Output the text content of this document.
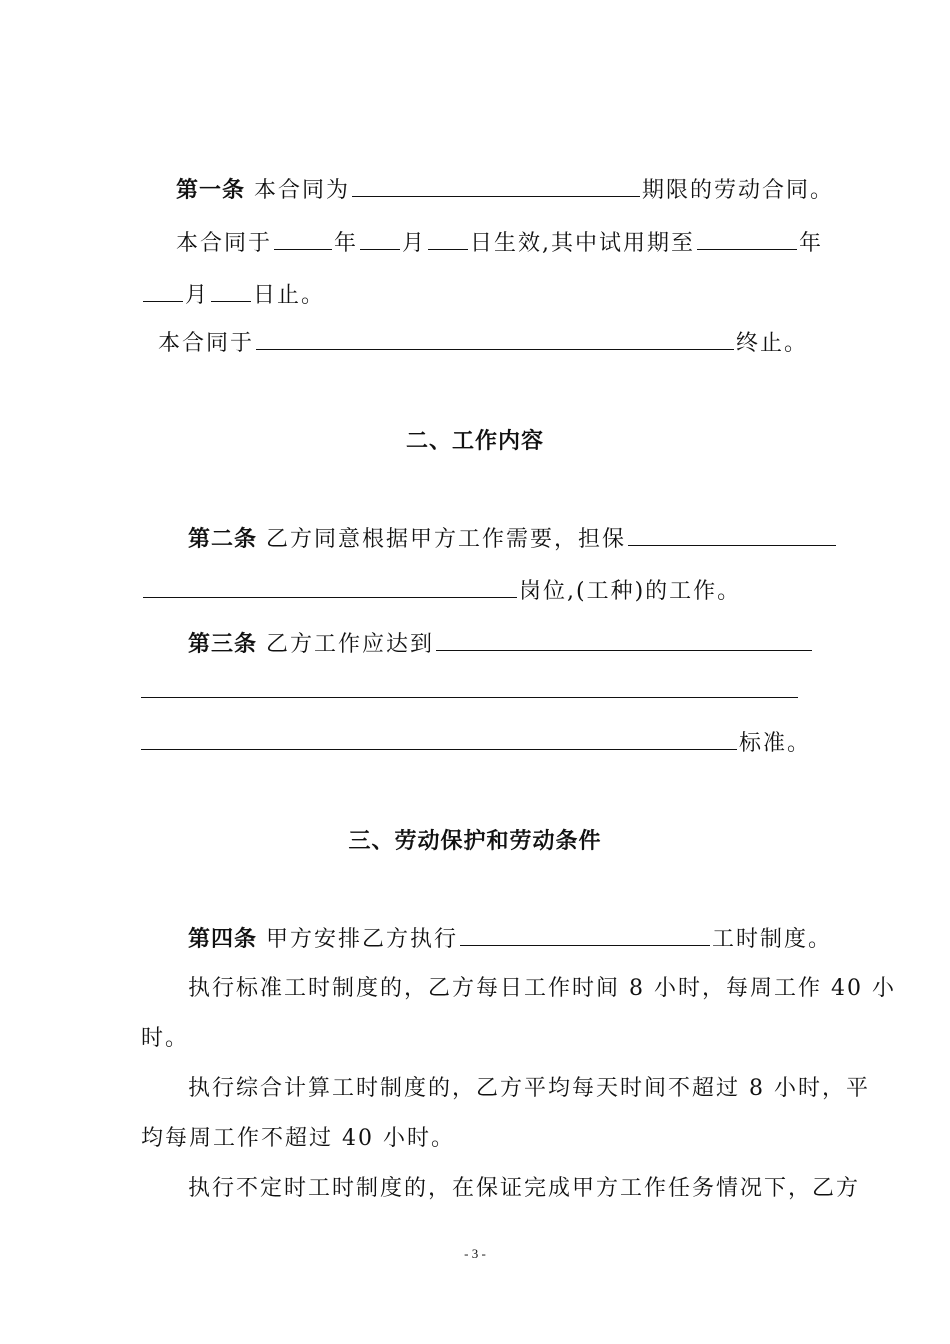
第一条 本合同为	期限的劳动合同。
本合同于	年 月 日生效,其中试用期至	年
月 日止。
本合同于	终止。
二、工作内容
第二条 乙方同意根据甲方工作需要，担保
岗位,(工种)的工作。
第三条 乙方工作应达到
标准。
三、劳动保护和劳动条件
第四条 甲方安排乙方执行	工时制度。
执行标准工时制度的，乙方每日工作时间 8 小时，每周工作 40 小
时。
执行综合计算工时制度的，乙方平均每天时间不超过 8 小时，平
均每周工作不超过 40 小时。
执行不定时工时制度的，在保证完成甲方工作任务情况下，乙方
- 3 -
